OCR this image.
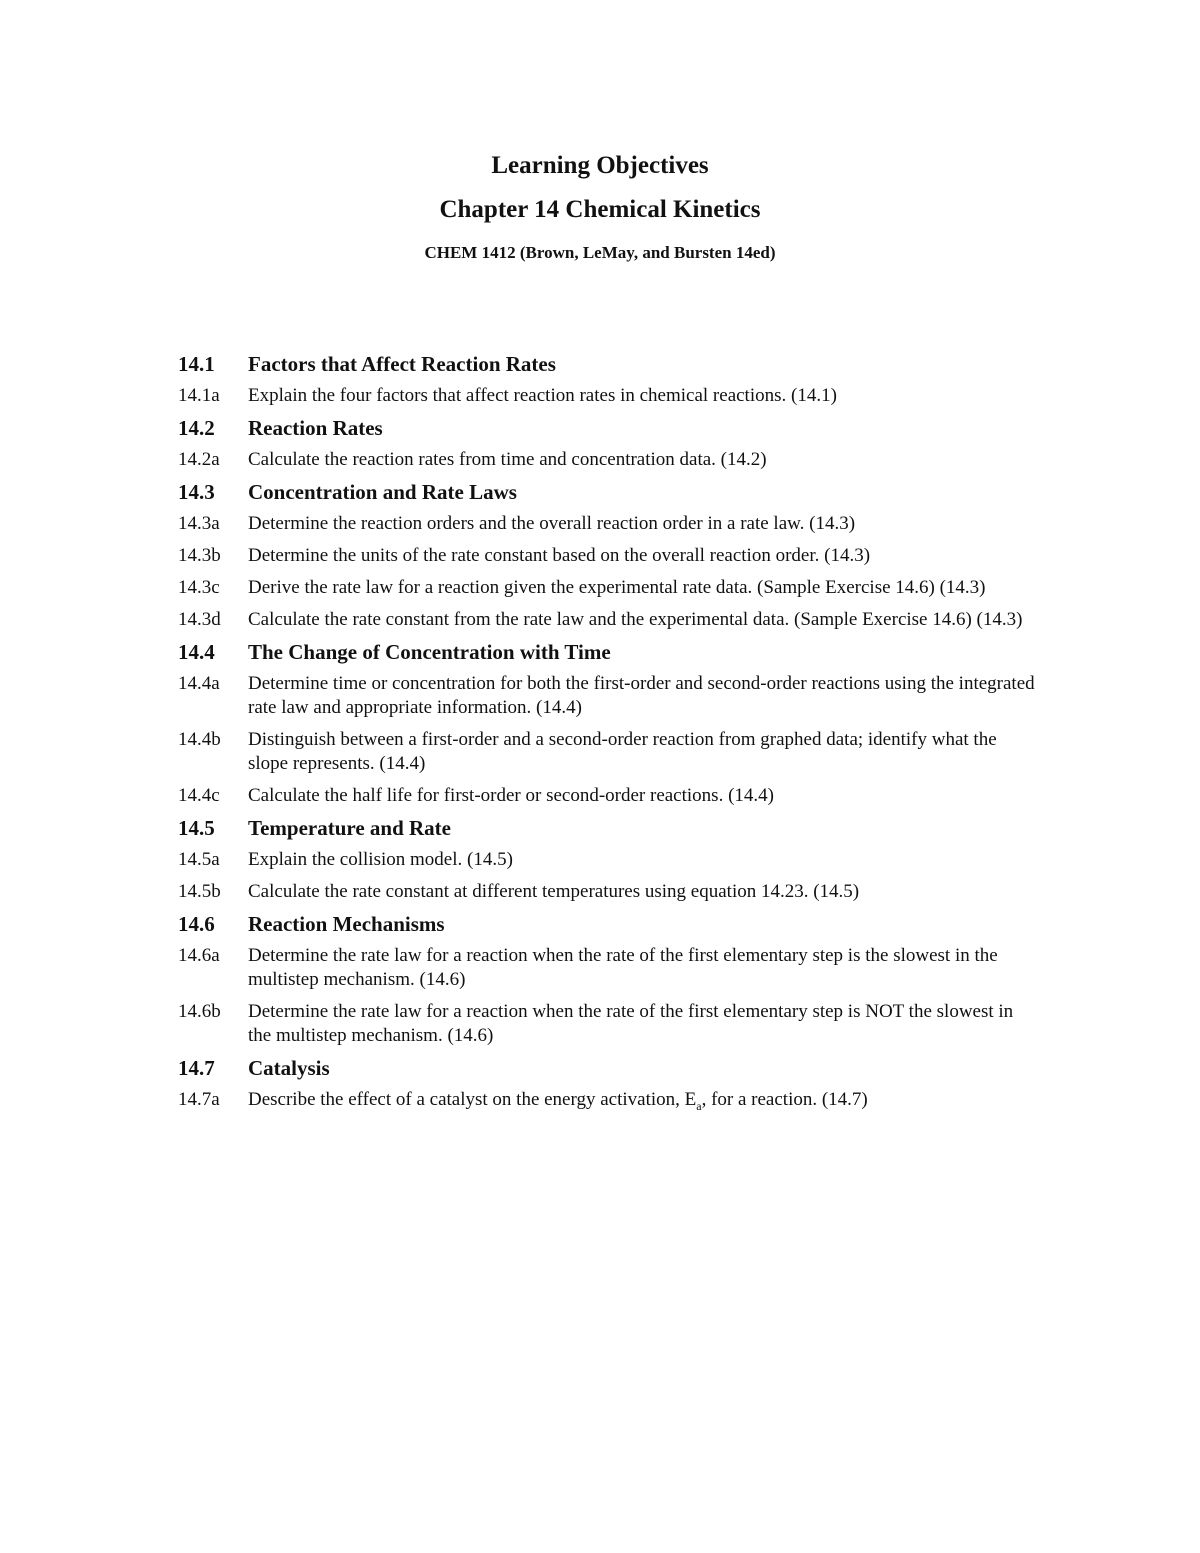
Learning Objectives
Chapter 14 Chemical Kinetics
CHEM 1412 (Brown, LeMay, and Bursten 14ed)
14.1	Factors that Affect Reaction Rates
14.1a	Explain the four factors that affect reaction rates in chemical reactions. (14.1)
14.2	Reaction Rates
14.2a	Calculate the reaction rates from time and concentration data. (14.2)
14.3	Concentration and Rate Laws
14.3a	Determine the reaction orders and the overall reaction order in a rate law. (14.3)
14.3b	Determine the units of the rate constant based on the overall reaction order. (14.3)
14.3c	Derive the rate law for a reaction given the experimental rate data. (Sample Exercise 14.6) (14.3)
14.3d	Calculate the rate constant from the rate law and the experimental data. (Sample Exercise 14.6) (14.3)
14.4	The Change of Concentration with Time
14.4a	Determine time or concentration for both the first-order and second-order reactions using the integrated rate law and appropriate information. (14.4)
14.4b	Distinguish between a first-order and a second-order reaction from graphed data; identify what the slope represents. (14.4)
14.4c	Calculate the half life for first-order or second-order reactions. (14.4)
14.5	Temperature and Rate
14.5a	Explain the collision model. (14.5)
14.5b	Calculate the rate constant at different temperatures using equation 14.23. (14.5)
14.6	Reaction Mechanisms
14.6a	Determine the rate law for a reaction when the rate of the first elementary step is the slowest in the multistep mechanism. (14.6)
14.6b	Determine the rate law for a reaction when the rate of the first elementary step is NOT the slowest in the multistep mechanism. (14.6)
14.7	Catalysis
14.7a	Describe the effect of a catalyst on the energy activation, $E_a$, for a reaction. (14.7)
